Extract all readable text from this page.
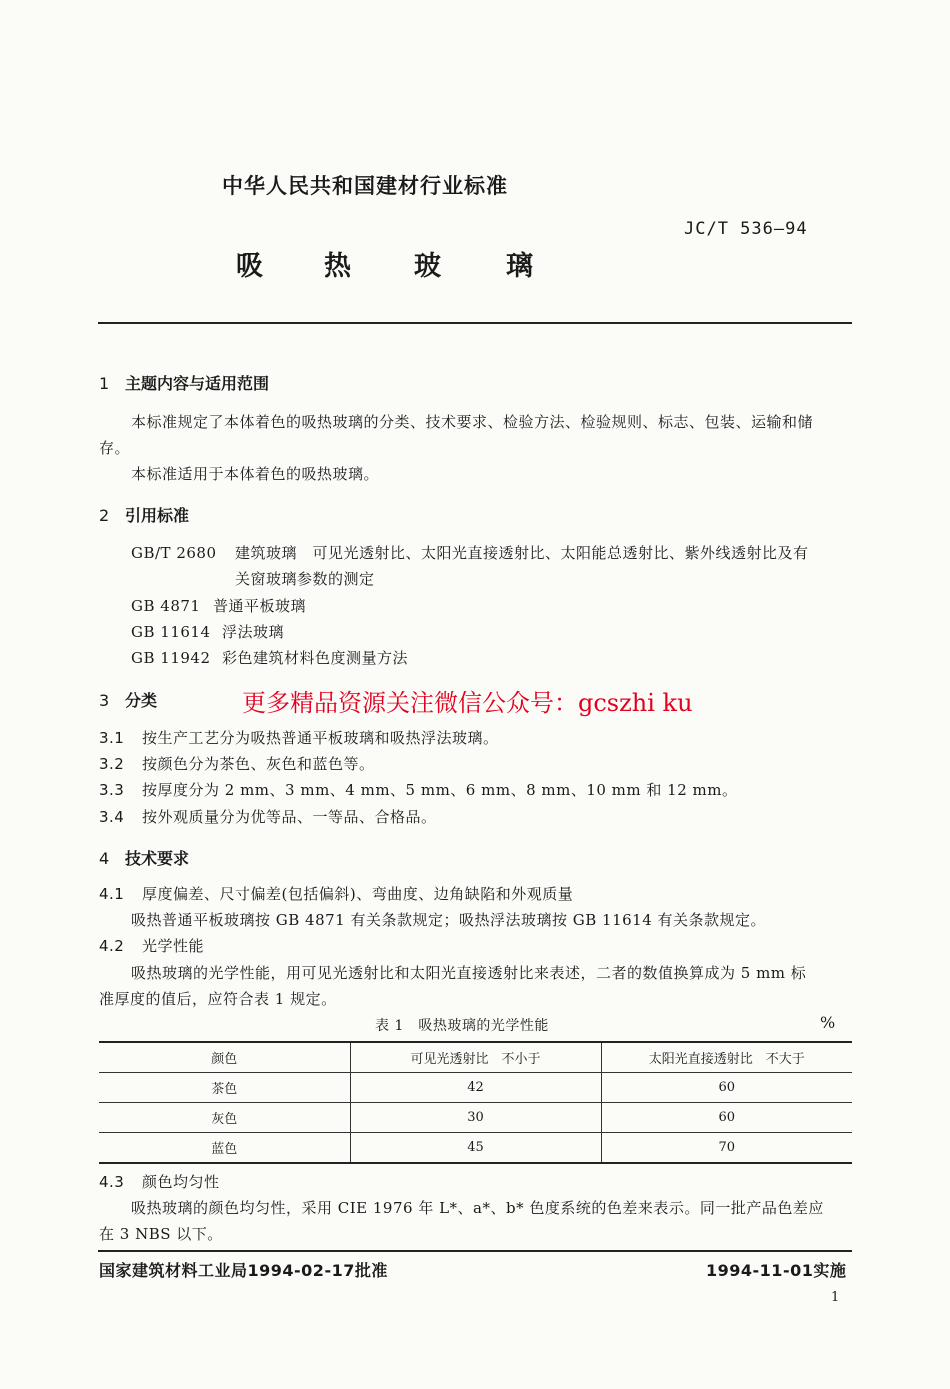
中华人民共和国建材行业标准
JC/T 536—94
吸 热 玻 璃
1 主题内容与适用范围
本标准规定了本体着色的吸热玻璃的分类、技术要求、检验方法、检验规则、标志、包装、运输和储
存。
本标准适用于本体着色的吸热玻璃。
2 引用标准
GB/T 2680 建筑玻璃　可见光透射比、太阳光直接透射比、太阳能总透射比、紫外线透射比及有
关窗玻璃参数的测定
GB 4871 普通平板玻璃
GB 11614 浮法玻璃
GB 11942 彩色建筑材料色度测量方法
3 分类	更多精品资源关注微信公众号：gcszhi ku
3.1 按生产工艺分为吸热普通平板玻璃和吸热浮法玻璃。
3.2 按颜色分为茶色、灰色和蓝色等。
3.3 按厚度分为 2 mm、3 mm、4 mm、5 mm、6 mm、8 mm、10 mm 和 12 mm。
3.4 按外观质量分为优等品、一等品、合格品。
4 技术要求
4.1 厚度偏差、尺寸偏差(包括偏斜)、弯曲度、边角缺陷和外观质量
吸热普通平板玻璃按 GB 4871 有关条款规定；吸热浮法玻璃按 GB 11614 有关条款规定。
4.2 光学性能
吸热玻璃的光学性能，用可见光透射比和太阳光直接透射比来表述，二者的数值换算成为 5 mm 标
准厚度的值后，应符合表 1 规定。
表 1　吸热玻璃的光学性能	%
颜色	可见光透射比　不小于	太阳光直接透射比　不大于
茶色	42	60
灰色	30	60
蓝色	45	70
4.3 颜色均匀性
吸热玻璃的颜色均匀性，采用 CIE 1976 年 L*、a*、b* 色度系统的色差来表示。同一批产品色差应
在 3 NBS 以下。
国家建筑材料工业局1994-02-17批准	1994-11-01实施
1
